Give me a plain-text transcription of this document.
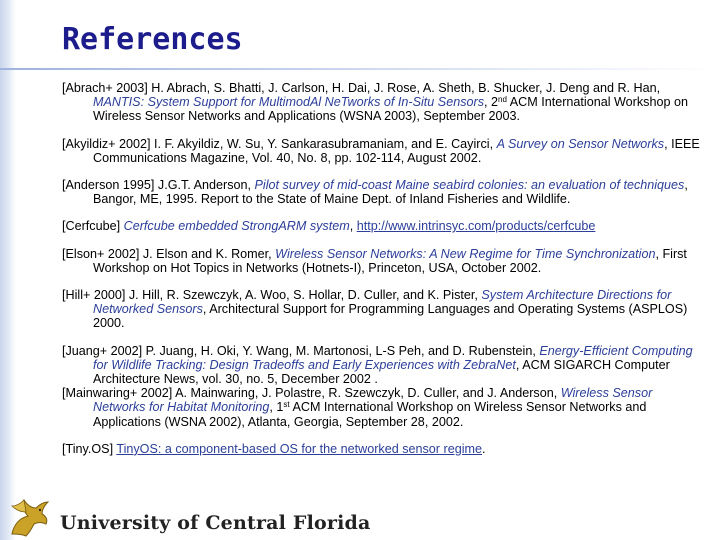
References

[Abrach+ 2003] H. Abrach, S. Bhatti, J. Carlson, H. Dai, J. Rose, A. Sheth, B. Shucker, J. Deng and R. Han, MANTIS: System Support for MultimodAl NeTworks of In-Situ Sensors, 2nd ACM International Workshop on Wireless Sensor Networks and Applications (WSNA 2003), September 2003.

[Akyildiz+ 2002] I. F. Akyildiz, W. Su, Y. Sankarasubramaniam, and E. Cayirci, A Survey on Sensor Networks, IEEE Communications Magazine, Vol. 40, No. 8, pp. 102-114, August 2002.

[Anderson 1995] J.G.T. Anderson, Pilot survey of mid-coast Maine seabird colonies: an evaluation of techniques, Bangor, ME, 1995. Report to the State of Maine Dept. of Inland Fisheries and Wildlife.

[Cerfcube] Cerfcube embedded StrongARM system, http://www.intrinsyc.com/products/cerfcube

[Elson+ 2002] J. Elson and K. Romer, Wireless Sensor Networks: A New Regime for Time Synchronization, First Workshop on Hot Topics in Networks (Hotnets-I), Princeton, USA, October 2002.

[Hill+ 2000] J. Hill, R. Szewczyk, A. Woo, S. Hollar, D. Culler, and K. Pister, System Architecture Directions for Networked Sensors, Architectural Support for Programming Languages and Operating Systems (ASPLOS) 2000.

[Juang+ 2002] P. Juang, H. Oki, Y. Wang, M. Martonosi, L-S Peh, and D. Rubenstein, Energy-Efficient Computing for Wildlife Tracking: Design Tradeoffs and Early Experiences with ZebraNet, ACM SIGARCH Computer Architecture News, vol. 30, no. 5, December 2002 .

[Mainwaring+ 2002] A. Mainwaring, J. Polastre, R. Szewczyk, D. Culler, and J. Anderson, Wireless Sensor Networks for Habitat Monitoring, 1st ACM International Workshop on Wireless Sensor Networks and Applications (WSNA 2002), Atlanta, Georgia, September 28, 2002.

[Tiny.OS] TinyOS: a component-based OS for the networked sensor regime.

University of Central Florida
